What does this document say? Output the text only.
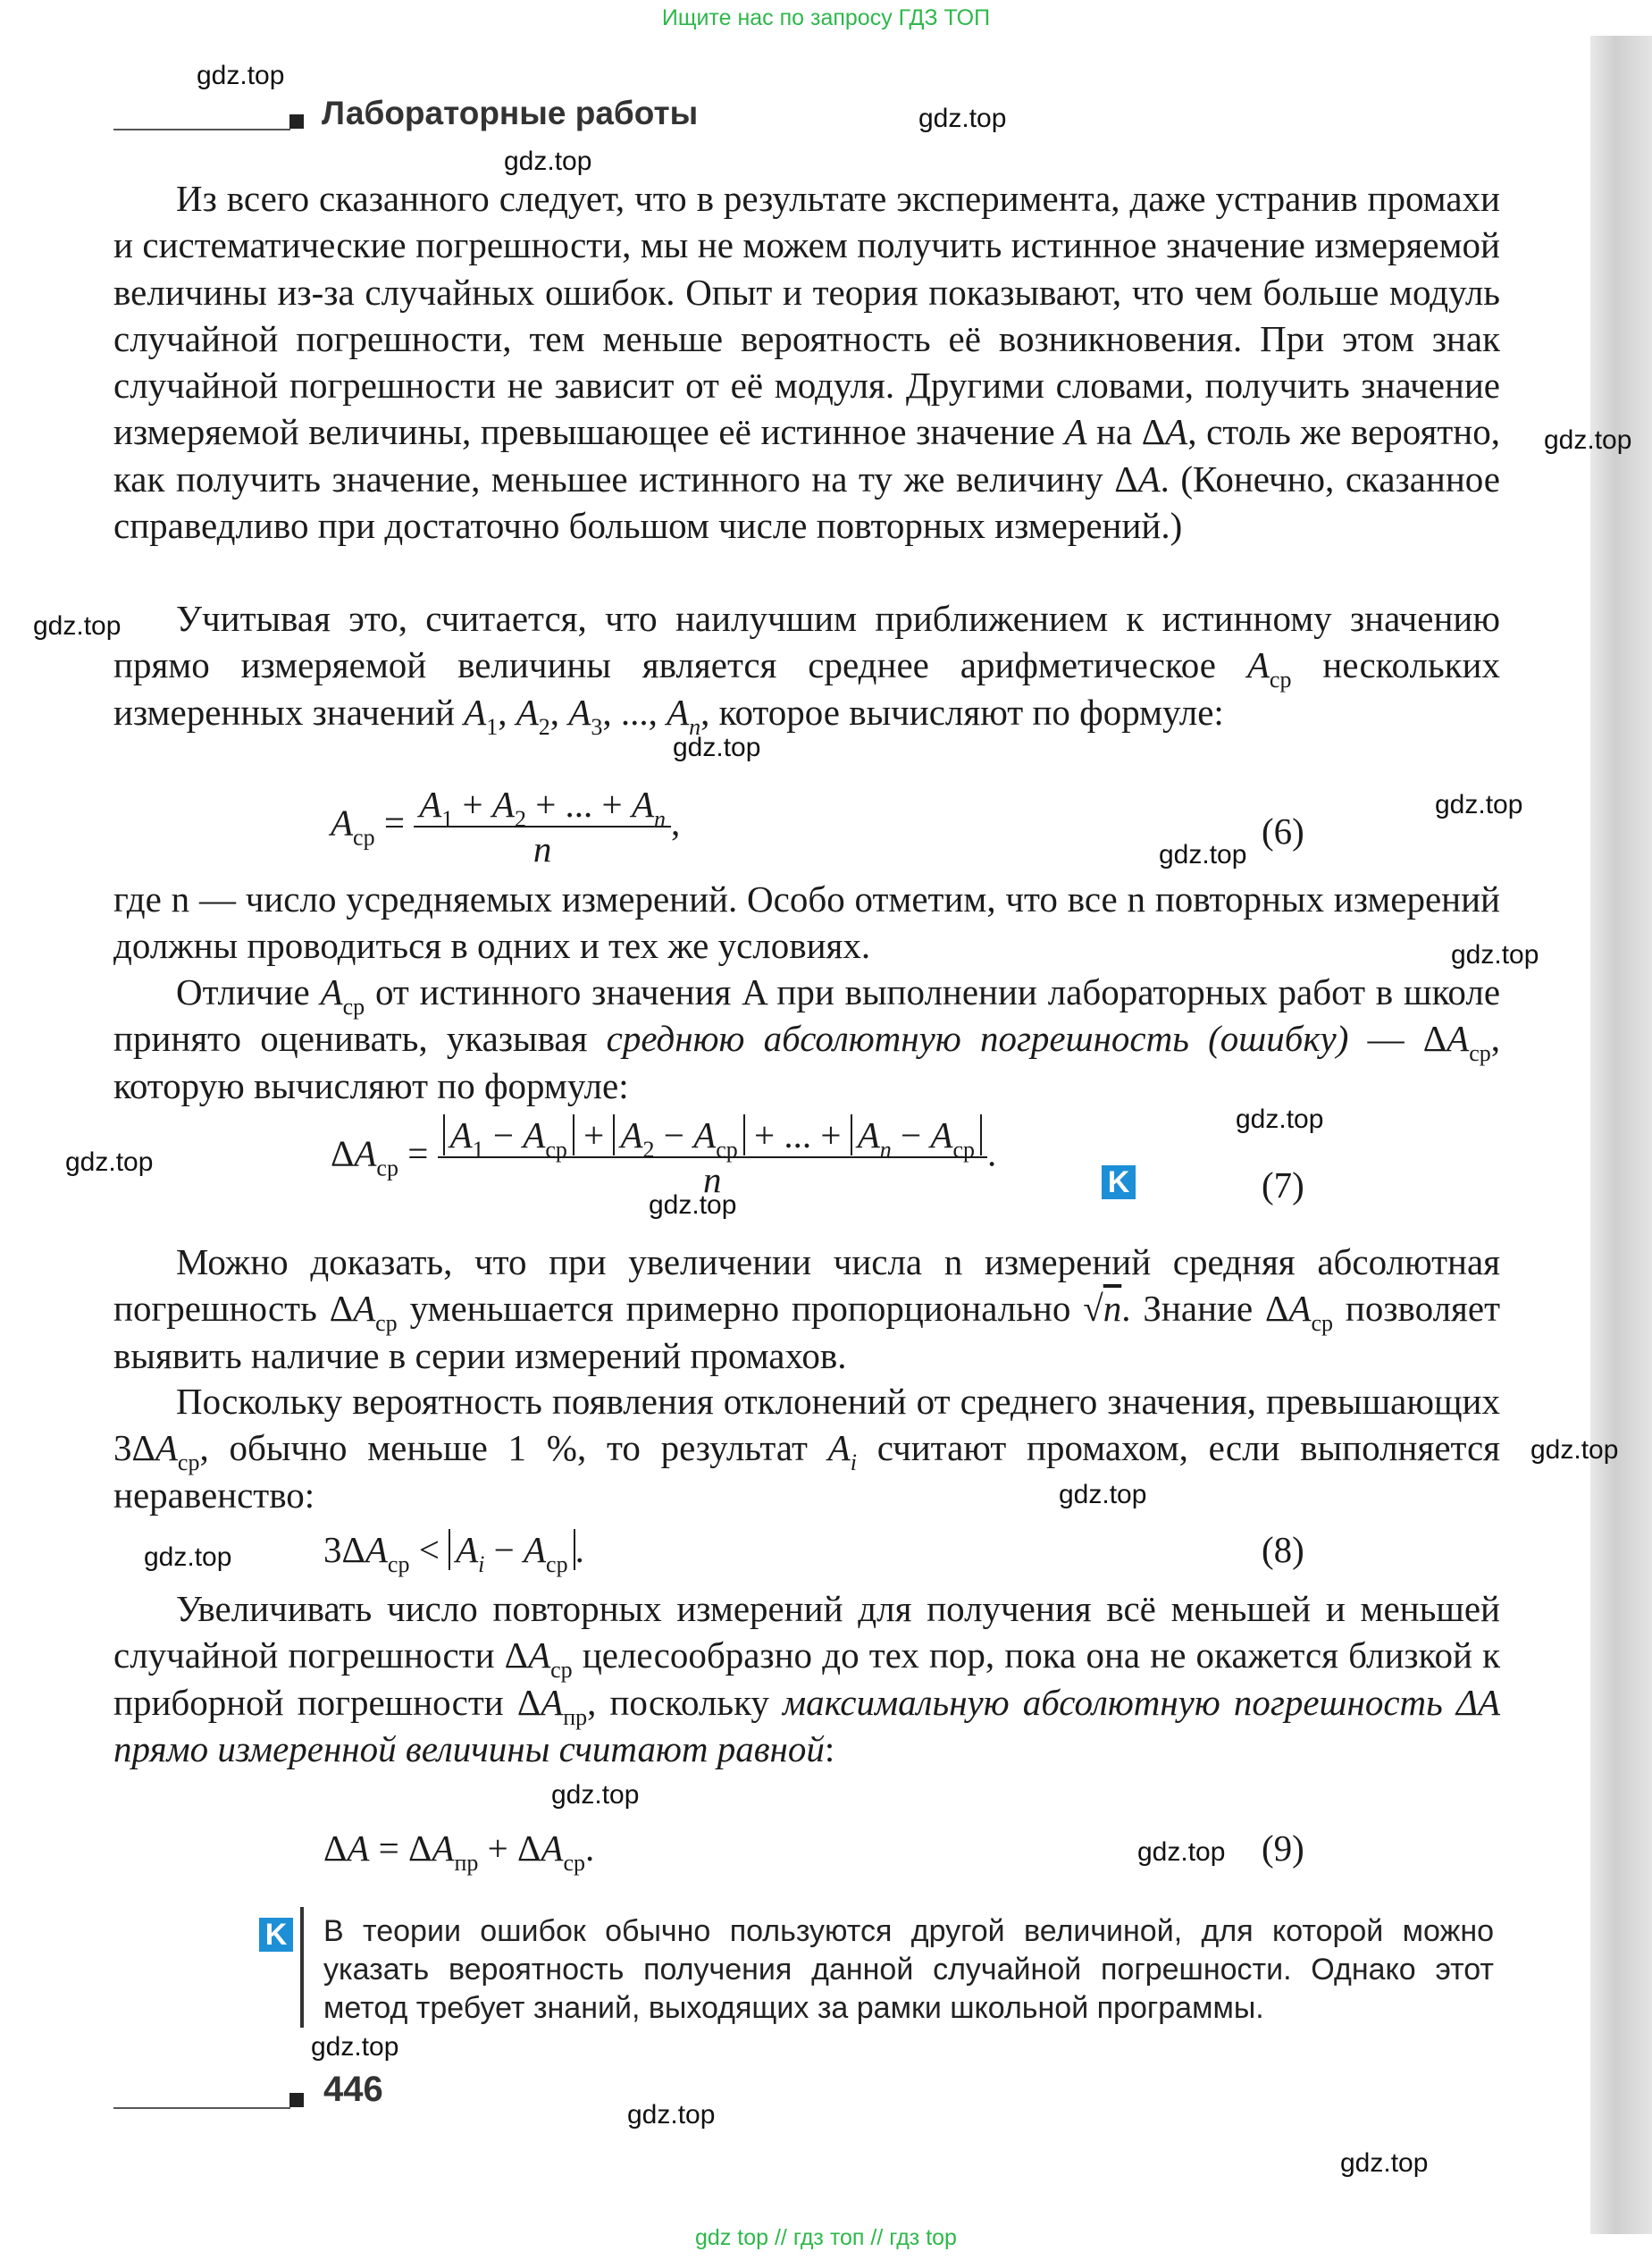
Ищите нас по запросу ГДЗ ТОП
gdz.top
gdz.top
gdz.top
gdz.top
gdz.top
gdz.top
gdz.top
gdz.top
gdz.top
gdz.top
gdz.top
gdz.top
gdz.top
gdz.top
gdz.top
gdz.top
gdz.top
gdz.top
gdz.top
gdz.top
Лабораторные работы
Из всего сказанного следует, что в результате эксперимента, даже устранив промахи и систематические погрешности, мы не можем получить истинное значение измеряемой величины из-за случайных ошибок. Опыт и теория показывают, что чем больше модуль случайной погрешности, тем меньше вероятность её возникновения. При этом знак случайной погрешности не зависит от её модуля. Другими словами, получить значение измеряемой величины, превышающее её истинное значение A на ΔA, столь же вероятно, как получить значение, меньшее истинного на ту же величину ΔA. (Конечно, сказанное справедливо при достаточно большом числе повторных измерений.)
Учитывая это, считается, что наилучшим приближением к истинному значению прямо измеряемой величины является среднее арифметическое $A_{ср}$ нескольких измеренных значений $A_1$, $A_2$, $A_3$, ..., $A_n$, которое вычисляют по формуле:
$A_{ср} = \frac{A_1 + A_2 + ... + A_n}{n}$ ,	(6)
где n — число усредняемых измерений. Особо отметим, что все n повторных измерений должны проводиться в одних и тех же условиях.
Отличие $A_{ср}$ от истинного значения A при выполнении лабораторных работ в школе принято оценивать, указывая среднюю абсолютную погрешность (ошибку) — $\Delta A_{ср}$, которую вычисляют по формуле:
$\Delta A_{ср} = \frac{A_1 - A_{ср} + A_2 - A_{ср} + ... + A_n - A_{ср}}{n}$ .
K	(7)
Можно доказать, что при увеличении числа n измерений средняя абсолютная погрешность $\Delta A_{ср}$ уменьшается примерно пропорционально √n. Знание $\Delta A_{ср}$ позволяет выявить наличие в серии измерений промахов.
Поскольку вероятность появления отклонений от среднего значения, превышающих $3\Delta A_{ср}$, обычно меньше 1 %, то результат $A_i$ считают промахом, если выполняется неравенство:
$3\Delta A_{ср} < A_i - A_{ср}$ .	(8)
Увеличивать число повторных измерений для получения всё меньшей и меньшей случайной погрешности $\Delta A_{ср}$ целесообразно до тех пор, пока она не окажется близкой к приборной погрешности $\Delta A_{пр}$, поскольку максимальную абсолютную погрешность ΔA прямо измеренной величины считают равной:
$\Delta A = \Delta A_{пр} + \Delta A_{ср}$.	(9)
K В теории ошибок обычно пользуются другой величиной, для которой можно указать вероятность получения данной случайной погрешности. Однако этот метод требует знаний, выходящих за рамки школьной программы.
446
gdz top // гдз топ // гдз top
